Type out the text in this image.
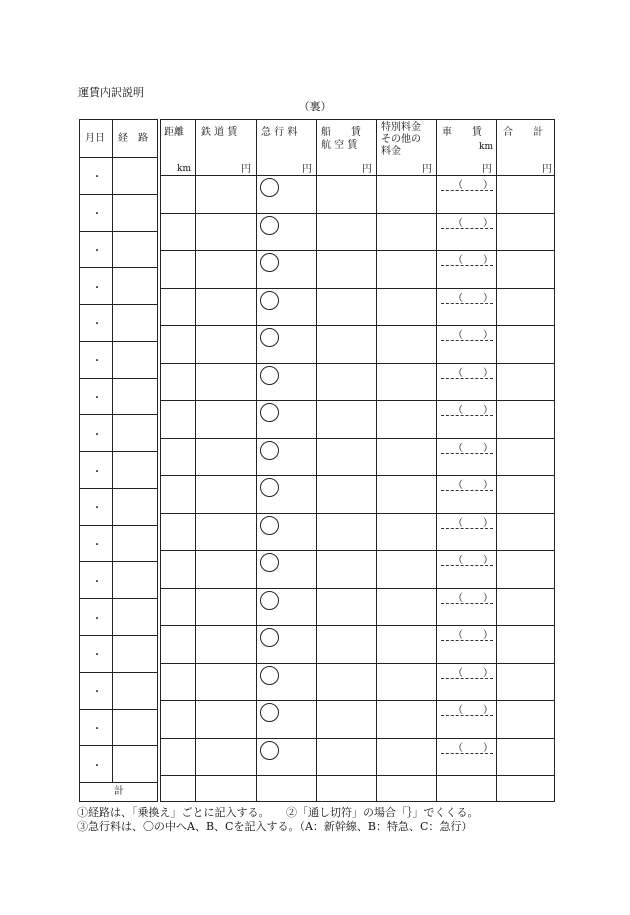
運賃内訳説明
（裏）
月日 経　路
・
・
・
・
・
・
・
・
・
・
・
・
・
・
・
・
・
計
距離
km
鉄 道 賃
円
急 行 料
円
船　　賃
航 空 賃
円
特別料金
その他の
料金
円
車　　賃
km
円
合　　計
円
（　　）
（　　）
（　　）
（　　）
（　　）
（　　）
（　　）
（　　）
（　　）
（　　）
（　　）
（　　）
（　　）
（　　）
（　　）
（　　）
①経路は、「乗換え」ごとに記入する。　　②「通し切符」の場合「｝」でくくる。
③急行料は、〇の中へA、B、Cを記入する。（A：新幹線、B：特急、C：急行）
